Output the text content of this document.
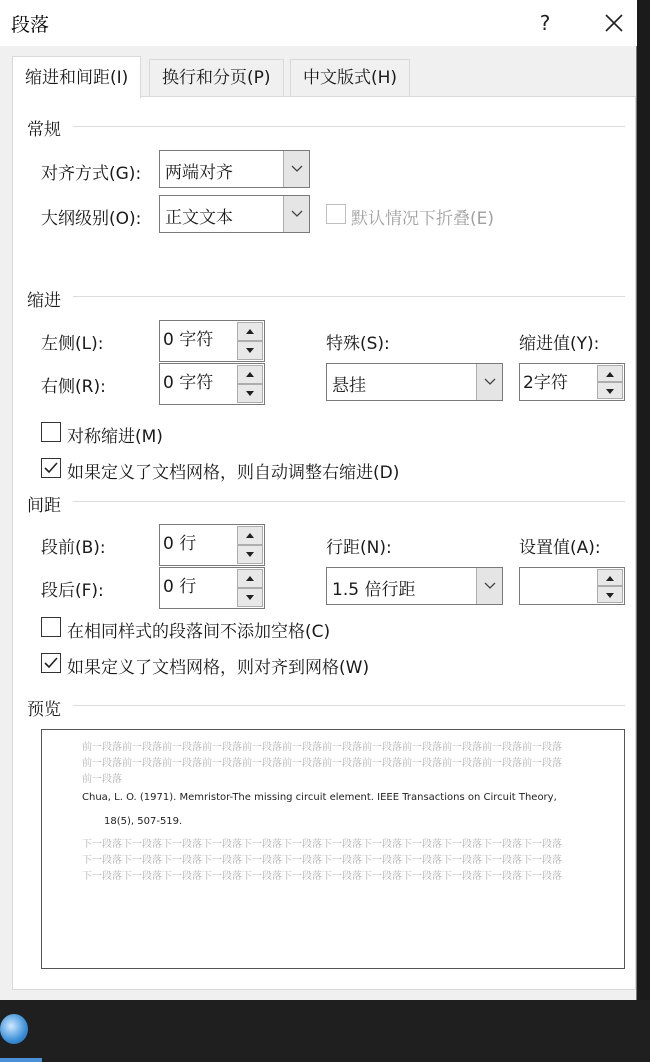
段落	?
缩进和间距(I)	换行和分页(P)	中文版式(H)
常规
对齐方式(G): 两端对齐
大纲级别(O): 正文文本	默认情况下折叠(E)
缩进
左侧(L):	0 字符
右侧(R):	0 字符
特殊(S):
悬挂
缩进值(Y):
2字符
对称缩进(M)
如果定义了文档网格，则自动调整右缩进(D)
间距
段前(B):	0 行
段后(F):	0 行
行距(N):
1.5 倍行距
设置值(A):
在相同样式的段落间不添加空格(C)
如果定义了文档网格，则对齐到网格(W)
预览
前一段落前一段落前一段落前一段落前一段落前一段落前一段落前一段落前一段落前一段落前一段落前一段落前一段落前一段落前一段落前一段落前一段落前一段落前一段落前一段落前一段落前一段落前一段落前一段落前一段落
Chua, L. O. (1971). Memristor-The missing circuit element. IEEE Transactions on Circuit Theory,
18(5), 507-519.
下一段落下一段落下一段落下一段落下一段落下一段落下一段落下一段落下一段落下一段落下一段落下一段落下一段落下一段落下一段落下一段落下一段落下一段落下一段落下一段落下一段落下一段落下一段落下一段落下一段落下一段落下一段落下一段落下一段落下一段落下一段落下一段落下一段落下一段落下一段落下一段落
